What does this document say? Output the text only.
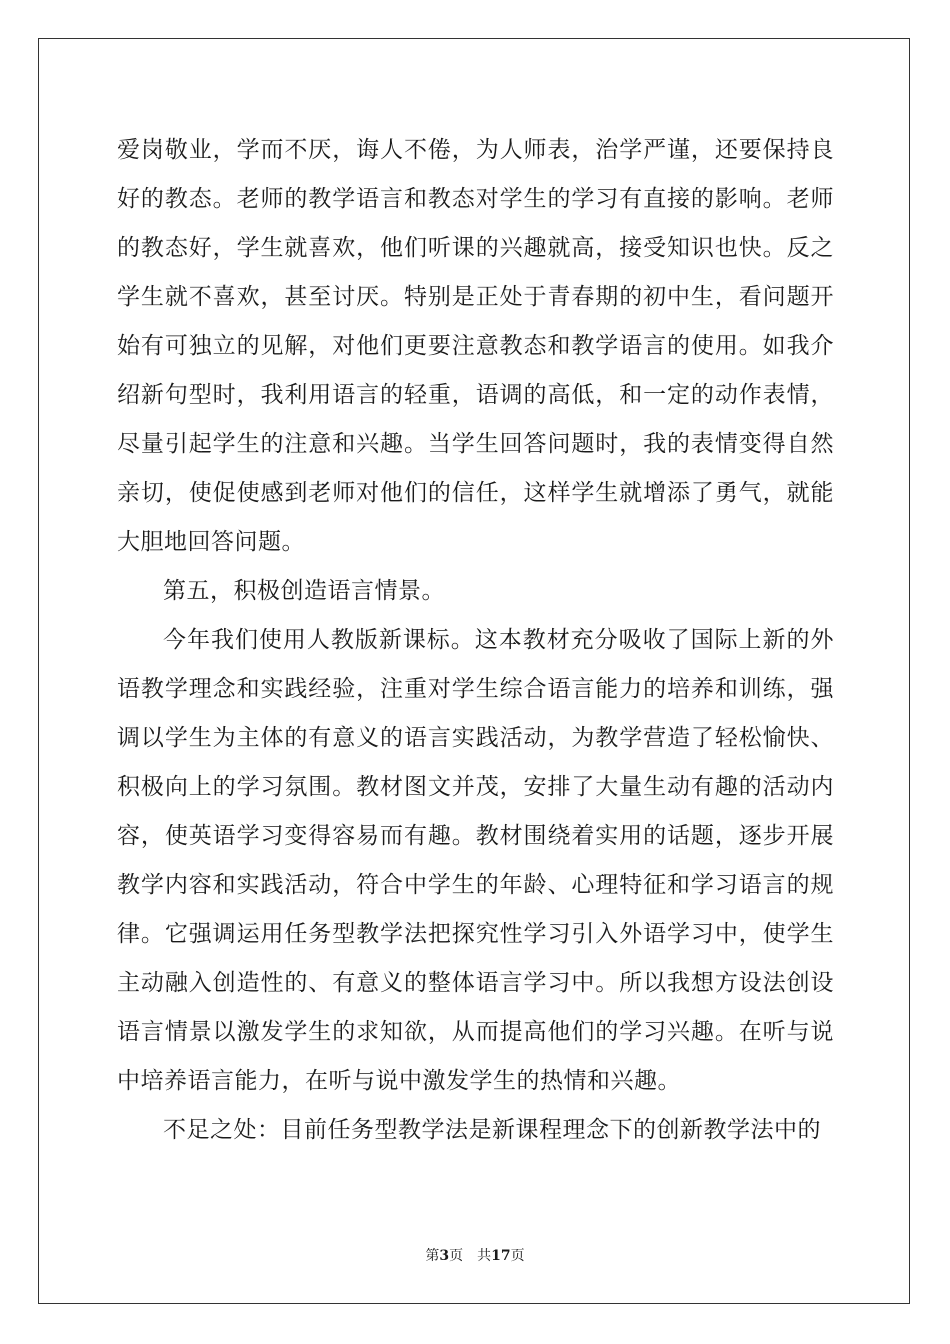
爱岗敬业，学而不厌，诲人不倦，为人师表，治学严谨，还要保持良好的教态。老师的教学语言和教态对学生的学习有直接的影响。老师的教态好，学生就喜欢，他们听课的兴趣就高，接受知识也快。反之学生就不喜欢，甚至讨厌。特别是正处于青春期的初中生，看问题开始有可独立的见解，对他们更要注意教态和教学语言的使用。如我介绍新句型时，我利用语言的轻重，语调的高低，和一定的动作表情，尽量引起学生的注意和兴趣。当学生回答问题时，我的表情变得自然亲切，使促使感到老师对他们的信任，这样学生就增添了勇气，就能大胆地回答问题。

第五，积极创造语言情景。

今年我们使用人教版新课标。这本教材充分吸收了国际上新的外语教学理念和实践经验，注重对学生综合语言能力的培养和训练，强调以学生为主体的有意义的语言实践活动，为教学营造了轻松愉快、积极向上的学习氛围。教材图文并茂，安排了大量生动有趣的活动内容，使英语学习变得容易而有趣。教材围绕着实用的话题，逐步开展教学内容和实践活动，符合中学生的年龄、心理特征和学习语言的规律。它强调运用任务型教学法把探究性学习引入外语学习中，使学生主动融入创造性的、有意义的整体语言学习中。所以我想方设法创设语言情景以激发学生的求知欲，从而提高他们的学习兴趣。在听与说中培养语言能力，在听与说中激发学生的热情和兴趣。

不足之处：目前任务型教学法是新课程理念下的创新教学法中的

第3页 共17页
